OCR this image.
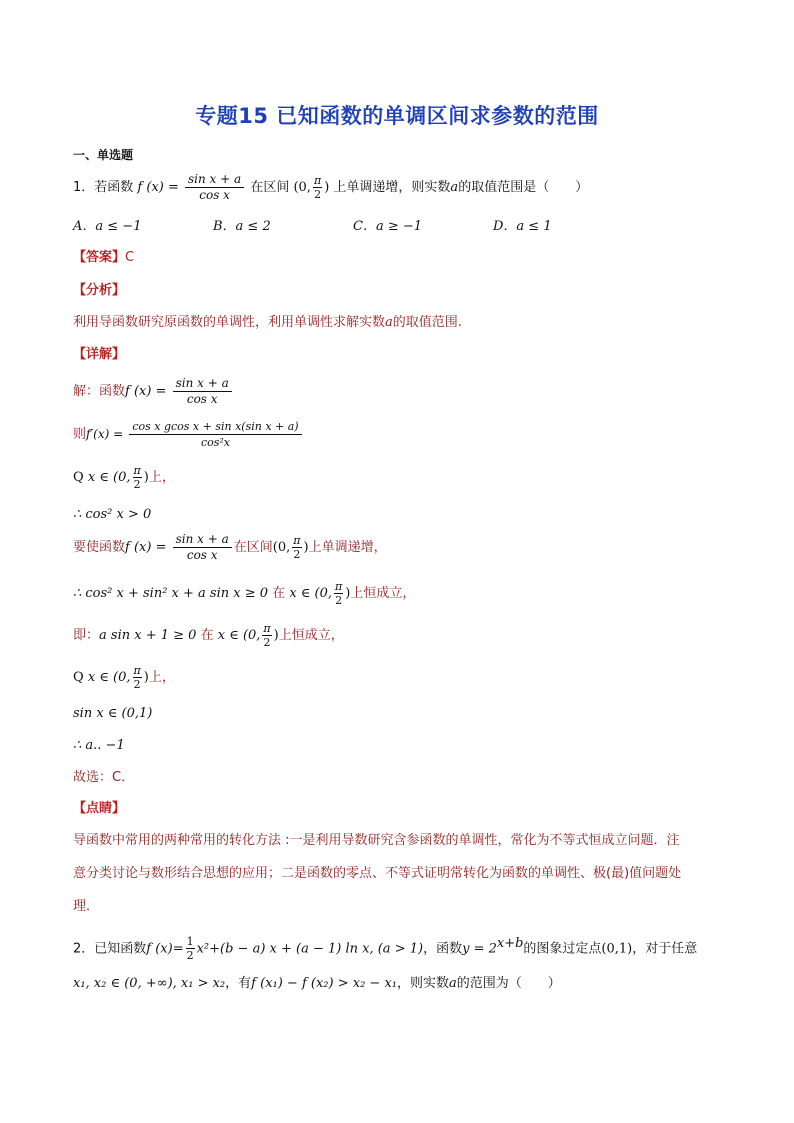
专题15 已知函数的单调区间求参数的范围
一、单选题
1．若函数 f $(x) = \frac{\text{sin x + a}}{\text{cos x}}$ 在区间 (0, $\frac{\pi}{2}$ ) 上单调递增，则实数a的取值范围是（　　）
A．a ≤ −1	B．a ≤ 2	C．a ≥ −1	D．a ≤ 1
【答案】C
【分析】
利用导函数研究原函数的单调性，利用单调性求解实数a的取值范围.
【详解】
解：函数f $(x) = \frac{\text{sin x + a}}{\text{cos x}}$
则$f'(x) = \frac{\text{cos x gcos x + sin x(sin x + a)}}{\text{cos²x}}$
Q x ∈ (0, $\frac{\pi}{2}$ )上，
∴ cos² x > 0
要使函数f $(x) = \frac{\text{sin x + a}}{\text{cos x}}$ 在区间(0, $\frac{\pi}{2}$ )上单调递增，
∴ cos² x + sin² x + a sin x ≥ 0 在 x ∈ (0, $\frac{\pi}{2}$ )上恒成立，
即：a sin x + 1 ≥ 0 在 x ∈ (0, $\frac{\pi}{2}$ )上恒成立，
Q x ∈ (0, $\frac{\pi}{2}$ )上，
sin x ∈ (0,1)
∴ a.. −1
故选：C．
【点睛】
导函数中常用的两种常用的转化方法 :一是利用导数研究含参函数的单调性，常化为不等式恒成立问题．注
意分类讨论与数形结合思想的应用；二是函数的零点、不等式证明常转化为函数的单调性、极(最)值问题处
理．
2．已知函数f $(x)= \frac{1}{2} x^2+(b - a) x + (a - 1)$ ln x, (a > 1)，函数$y = 2^{x+b}$的图象过定点(0,1)，对于任意
x₁, x₂ ∈ (0, +∞), x₁ > x₂，有f (x₁) − f (x₂) > x₂ − x₁，则实数a的范围为（　　）
